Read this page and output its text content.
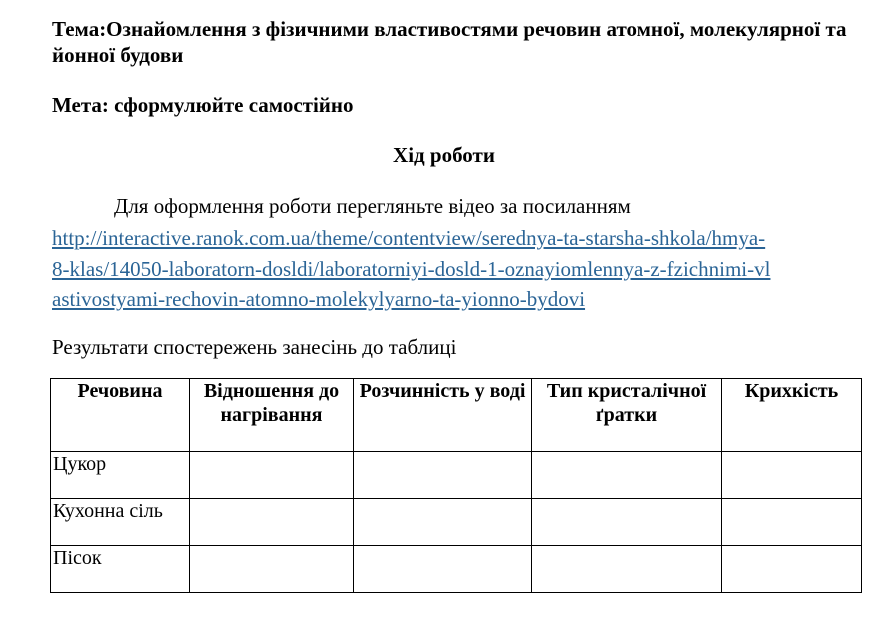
Тема:Ознайомлення з фізичними властивостями речовин атомної, молекулярної та йонної будови
Мета: сформулюйте самостійно
Хід роботи
Для оформлення роботи перегляньте відео за посиланням
http://interactive.ranok.com.ua/theme/contentview/serednya-ta-starsha-shkola/hmya-
8-klas/14050-laboratorn-dosldi/laboratorniyi-dosld-1-oznayiomlennya-z-fzichnimi-vl
astivostyami-rechovin-atomno-molekylyarno-ta-yionno-bydovi
Результати спостережень занесінь до таблиці
Речовина	Відношення до нагрівання	Розчинність у воді	Тип кристалічної ґратки	Крихкість
Цукор				
Кухонна сіль				
Пісок				
